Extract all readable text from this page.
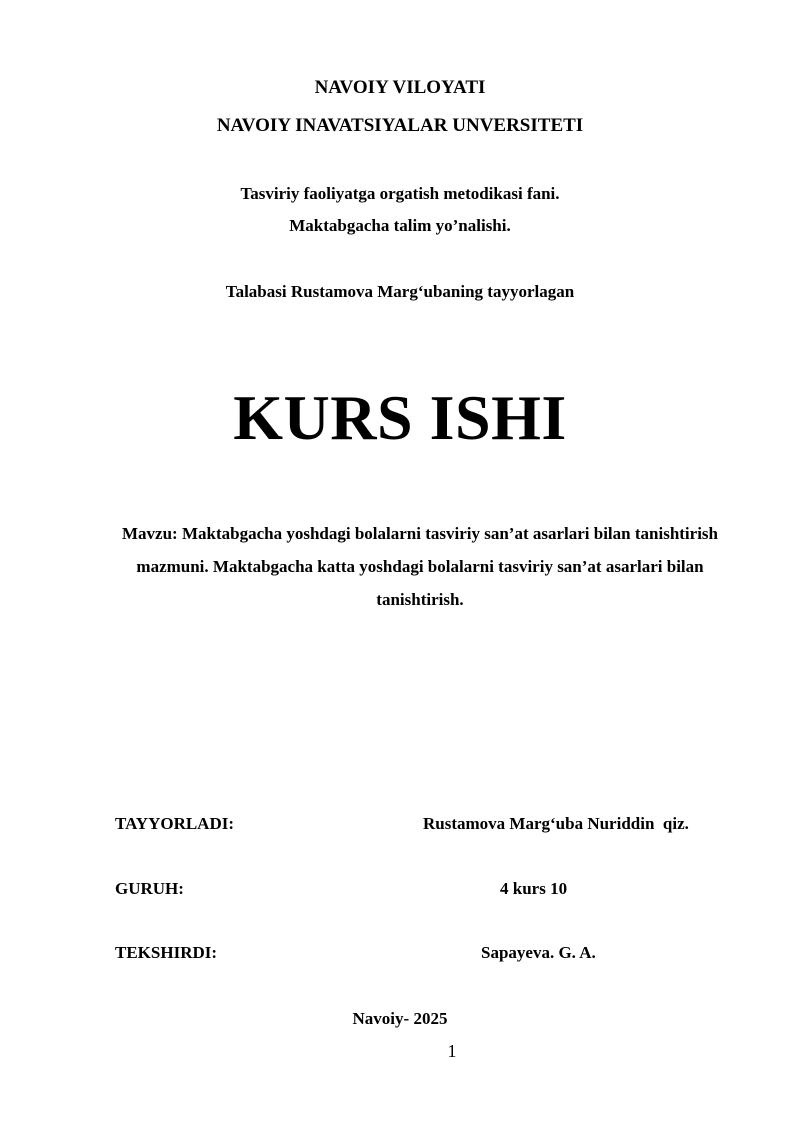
NAVOIY VILOYATI
NAVOIY INAVATSIYALAR UNVERSITETI
Tasviriy faoliyatga orgatish metodikasi fani.
Maktabgacha talim yo’nalishi.
Talabasi Rustamova Marg‘ubaning tayyorlagan
KURS ISHI
Mavzu: Maktabgacha yoshdagi bolalarni tasviriy san’at asarlari bilan tanishtirish mazmuni. Maktabgacha katta yoshdagi bolalarni tasviriy san’at asarlari bilan tanishtirish.
TAYYORLADI:	Rustamova Marg‘uba Nuriddin  qiz.
GURUH:	4 kurs 10
TEKSHIRDI:	Sapayeva. G. A.
Navoiy- 2025
1
